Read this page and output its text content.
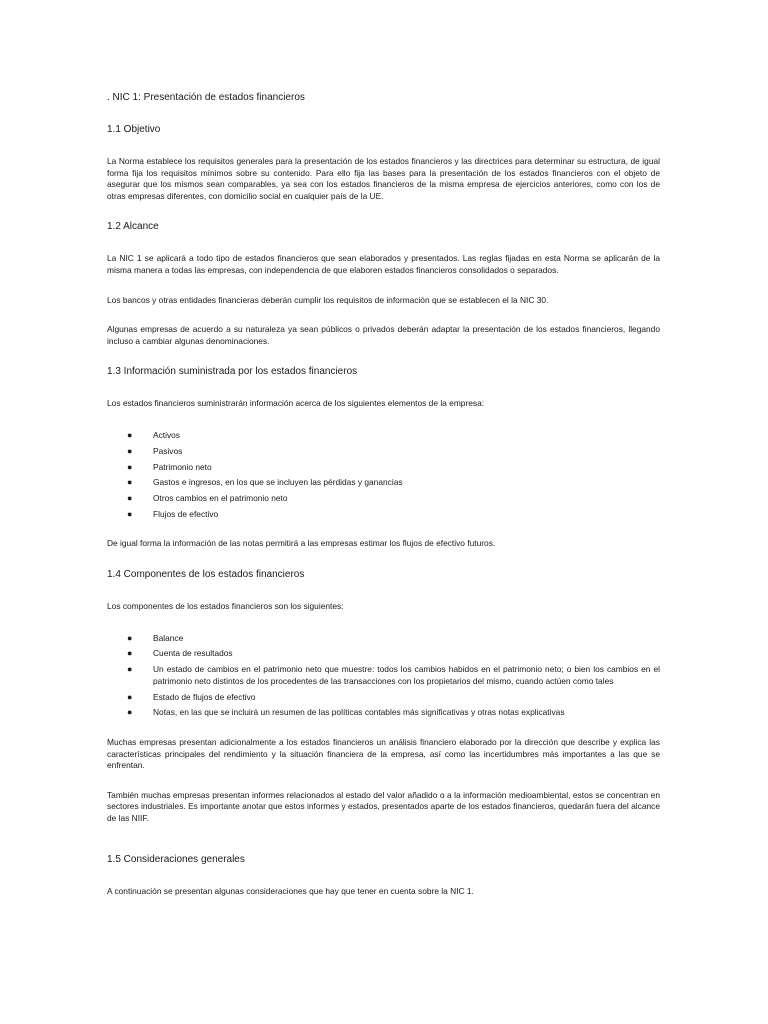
. NIC 1: Presentación de estados financieros
1.1 Objetivo

La Norma establece los requisitos generales para la presentación de los estados financieros y las directrices para determinar su estructura, de igual forma fija los requisitos mínimos sobre su contenido. Para ello fija las bases para la presentación de los estados financieros con el objeto de asegurar que los mismos sean comparables, ya sea con los estados financieros de la misma empresa de ejercicios anteriores, como con los de otras empresas diferentes, con domicilio social en cualquier país de la UE.

1.2 Alcance

La NIC 1 se aplicará a todo tipo de estados financieros que sean elaborados y presentados. Las reglas fijadas en esta Norma se aplicarán de la misma manera a todas las empresas, con independencia de que elaboren estados financieros consolidados o separados.

Los bancos y otras entidades financieras deberán cumplir los requisitos de información que se establecen el la NIC 30.

Algunas empresas de acuerdo a su naturaleza ya sean públicos o privados deberán adaptar la presentación de los estados financieros, llegando incluso a cambiar algunas denominaciones.

1.3 Información suministrada por los estados financieros

Los estados financieros suministrarán información acerca de los siguientes elementos de la empresa:

● Activos
● Pasivos
● Patrimonio neto
● Gastos e ingresos, en los que se incluyen las pérdidas y ganancias
● Otros cambios en el patrimonio neto
● Flujos de efectivo

De igual forma la información de las notas permitirá a las empresas estimar los flujos de efectivo futuros.

1.4 Componentes de los estados financieros

Los componentes de los estados financieros son los siguientes:

● Balance
● Cuenta de resultados
● Un estado de cambios en el patrimonio neto que muestre: todos los cambios habidos en el patrimonio neto; o bien los cambios en el patrimonio neto distintos de los procedentes de las transacciones con los propietarios del mismo, cuando actúen como tales
● Estado de flujos de efectivo
● Notas, en las que se incluirá un resumen de las políticas contables más significativas y otras notas explicativas

Muchas empresas presentan adicionalmente a los estados financieros un análisis financiero elaborado por la dirección que describe y explica las características principales del rendimiento y la situación financiera de la empresa, así como las incertidumbres más importantes a las que se enfrentan.

También muchas empresas presentan informes relacionados al estado del valor añadido o a la información medioambiental, estos se concentran en sectores industriales. Es importante anotar que estos informes y estados, presentados aparte de los estados financieros, quedarán fuera del alcance de las NIIF.

1.5 Consideraciones generales

A continuación se presentan algunas consideraciones que hay que tener en cuenta sobre la NIC 1.
